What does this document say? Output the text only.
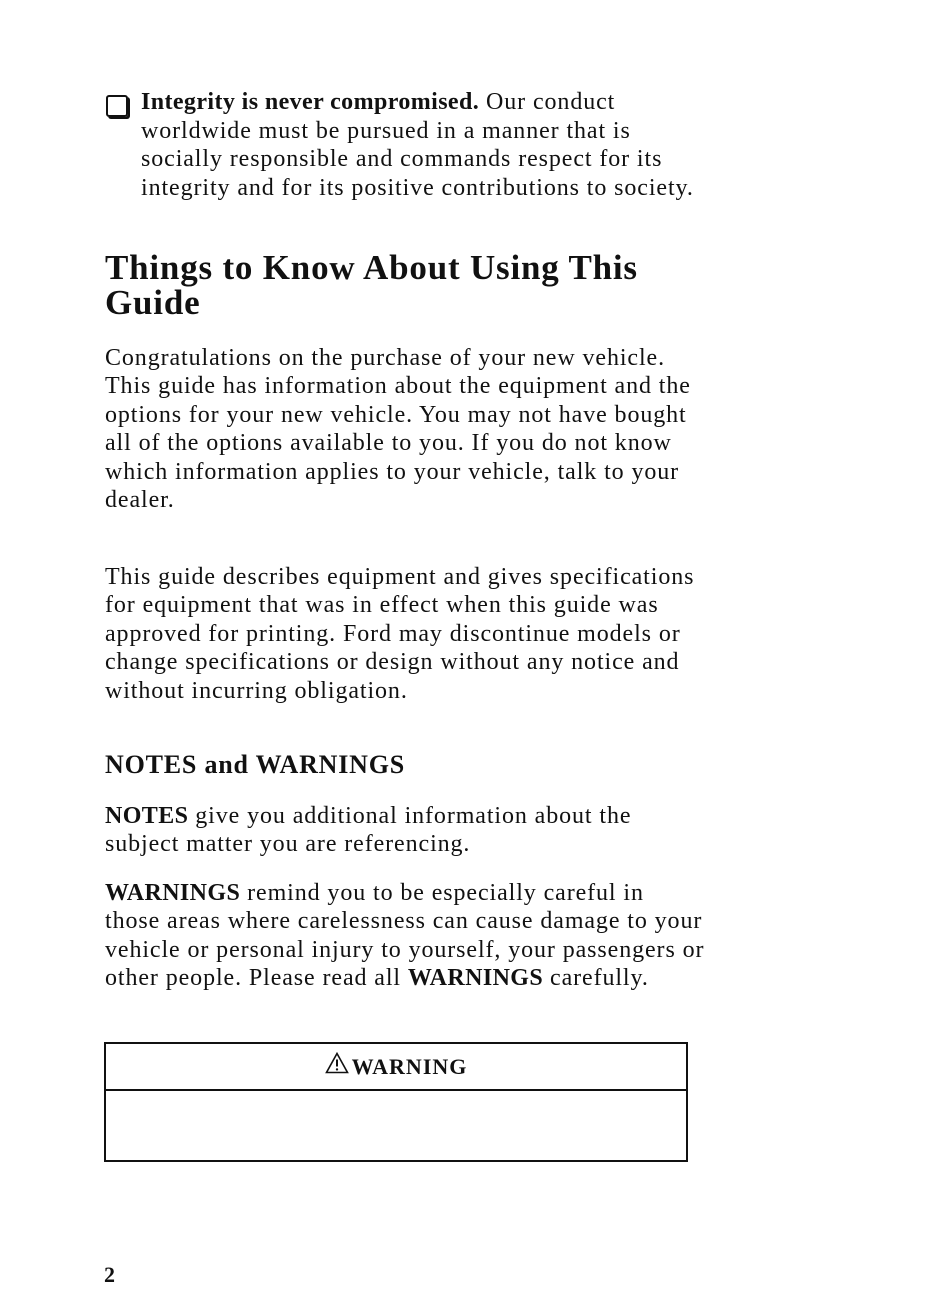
Integrity is never compromised. Our conduct worldwide must be pursued in a manner that is socially responsible and commands respect for its integrity and for its positive contributions to society.
Things to Know About Using This Guide

Congratulations on the purchase of your new vehicle. This guide has information about the equipment and the options for your new vehicle. You may not have bought all of the options available to you. If you do not know which information applies to your vehicle, talk to your dealer.

This guide describes equipment and gives specifications for equipment that was in effect when this guide was approved for printing. Ford may discontinue models or change specifications or design without any notice and without incurring obligation.

NOTES and WARNINGS

NOTES give you additional information about the subject matter you are referencing.

WARNINGS remind you to be especially careful in those areas where carelessness can cause damage to your vehicle or personal injury to yourself, your passengers or other people. Please read all WARNINGS carefully.

WARNING
2
